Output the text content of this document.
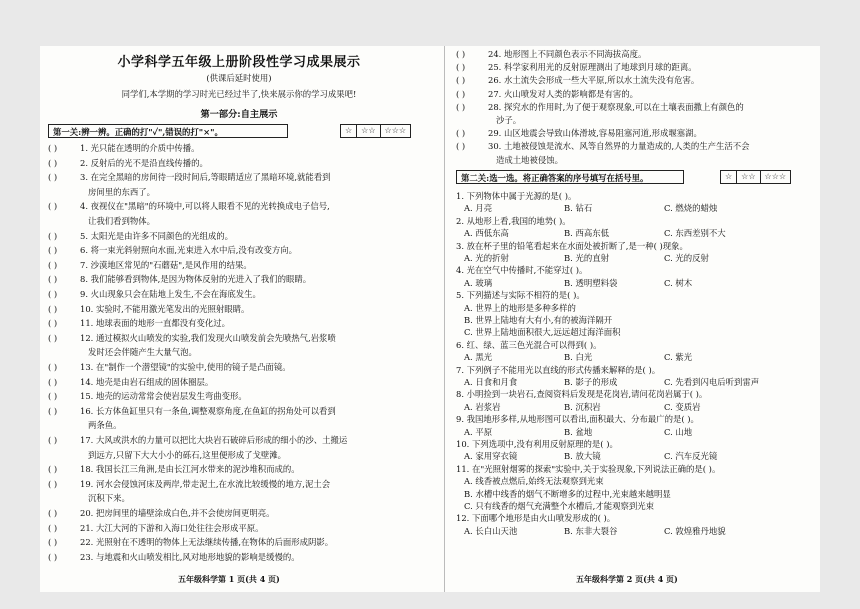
小学科学五年级上册阶段性学习成果展示
(供课后延时使用)
同学们,本学期的学习时光已经过半了,快来展示你的学习成果吧!
第一部分:自主展示
第一关:辨一辨。正确的打"✓",错误的打"×"。	☆	☆☆	☆☆☆
( )	1. 光只能在透明的介质中传播。
( )	2. 反射后的光不是沿直线传播的。
( )	3. 在完全黑暗的房间待一段时间后,等眼睛适应了黑暗环境,就能看到
房间里的东西了。
( )	4. 夜视仪在"黑暗"的环境中,可以将人眼看不见的光转换成电子信号,
让我们看到物体。
( )	5. 太阳光是由许多不同颜色的光组成的。
( )	6. 将一束光斜射照向水面,光束进入水中后,没有改变方向。
( )	7. 沙漠地区常见的"石蘑菇",是风作用的结果。
( )	8. 我们能够看到物体,是因为物体反射的光进入了我们的眼睛。
( )	9. 火山现象只会在陆地上发生,不会在海底发生。
( )	10. 实验时,不能用激光笔发出的光照射眼睛。
( )	11. 地球表面的地形一直都没有变化过。
( )	12. 通过模拟火山喷发的实验,我们发现火山喷发前会先喷热气,岩浆喷
发时还会伴随产生大量气泡。
( )	13. 在"制作一个潜望镜"的实验中,使用的镜子是凸面镜。
( )	14. 地壳是由岩石组成的固体圈层。
( )	15. 地壳的运动常常会使岩层发生弯曲变形。
( )	16. 长方体鱼缸里只有一条鱼,调整观察角度,在鱼缸的拐角处可以看到
两条鱼。
( )	17. 大风或洪水的力量可以把比大块岩石破碎后形成的细小的沙、土搬运
到远方,只留下大大小小的砾石,这里便形成了戈壁滩。
( )	18. 我国长江三角洲,是由长江河水带来的泥沙堆积而成的。
( )	19. 河水会侵蚀河床及两岸,带走泥土,在水流比较缓慢的地方,泥土会
沉积下来。
( )	20. 把房间里的墙壁涂成白色,并不会使房间更明亮。
( )	21. 大江大河的下游和入海口处往往会形成平原。
( )	22. 光照射在不透明的物体上无法继续传播,在物体的后面形成阴影。
( )	23. 与地震和火山喷发相比,风对地形地貌的影响是缓慢的。
五年级科学第 1 页(共 4 页)
( )	24. 地形图上不同颜色表示不同海拔高度。
( )	25. 科学家利用光的反射原理测出了地球到月球的距离。
( )	26. 水土流失会形成一些大平原,所以水土流失没有危害。
( )	27. 火山喷发对人类的影响都是有害的。
( )	28. 探究水的作用时,为了便于观察现象,可以在土壤表面撒上有颜色的
沙子。
( )	29. 山区地震会导致山体滑坡,容易阻塞河道,形成堰塞湖。
( )	30. 土地被侵蚀是流水、风等自然界的力量造成的,人类的生产生活不会
造成土地被侵蚀。
第二关:选一选。将正确答案的序号填写在括号里。	☆	☆☆	☆☆☆
1. 下列物体中属于光源的是( )。
A. 月亮	B. 钻石	C. 燃烧的蜡烛
2. 从地形上看,我国的地势( )。
A. 西低东高	B. 西高东低	C. 东西差别不大
3. 放在杯子里的铅笔看起来在水面处被折断了,是一种( )现象。
A. 光的折射	B. 光的直射	C. 光的反射
4. 光在空气中传播时,不能穿过( )。
A. 玻璃	B. 透明塑料袋	C. 树木
5. 下列描述与实际不相符的是( )。
A. 世界上的地形是多种多样的
B. 世界上陆地有大有小,有的被海洋隔开
C. 世界上陆地面积很大,远远超过海洋面积
6. 红、绿、蓝三色光混合可以得到( )。
A. 黑光	B. 白光	C. 紫光
7. 下列例子不能用光以直线的形式传播来解释的是( )。
A. 日食和月食	B. 影子的形成	C. 先看到闪电后听到雷声
8. 小明捡到一块岩石,查阅资料后发现是花岗岩,请问花岗岩属于( )。
A. 岩浆岩	B. 沉积岩	C. 变质岩
9. 我国地形多样,从地形图可以看出,面积最大、分布最广的是( )。
A. 平原	B. 盆地	C. 山地
10. 下列选项中,没有利用反射原理的是( )。
A. 家用穿衣镜	B. 放大镜	C. 汽车反光镜
11. 在"光照射烟雾的探索"实验中,关于实验现象,下列说法正确的是( )。
A. 线香被点燃后,始终无法观察到光束
B. 水槽中线香的烟气不断增多的过程中,光束越来越明显
C. 只有线香的烟气充满整个水槽后,才能观察到光束
12. 下面哪个地形是由火山喷发形成的( )。
A. 长白山天池	B. 东非大裂谷	C. 敦煌雅丹地貌
五年级科学第 2 页(共 4 页)
